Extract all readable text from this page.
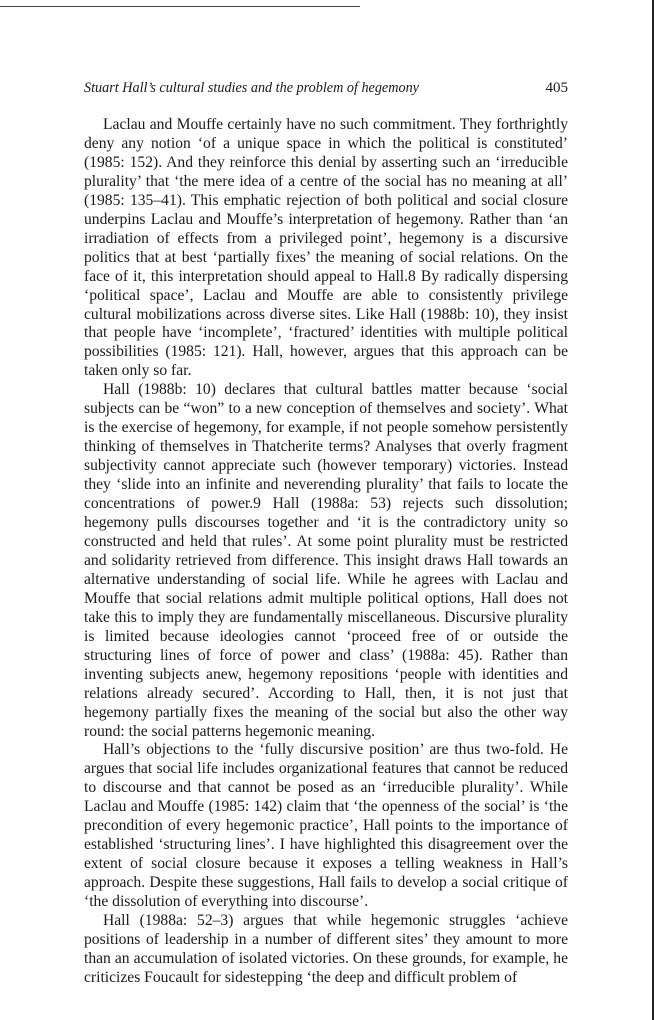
Stuart Hall’s cultural studies and the problem of hegemony	405

Laclau and Mouffe certainly have no such commitment. They forthrightly deny any notion ‘of a unique space in which the political is constituted’ (1985: 152). And they reinforce this denial by asserting such an ‘irreducible plurality’ that ‘the mere idea of a centre of the social has no meaning at all’ (1985: 135–41). This emphatic rejection of both political and social closure underpins Laclau and Mouffe’s interpretation of hegemony. Rather than ‘an irradiation of effects from a privileged point’, hegemony is a discursive politics that at best ‘partially fixes’ the meaning of social relations. On the face of it, this interpretation should appeal to Hall.8 By radically dispersing ‘political space’, Laclau and Mouffe are able to consistently privilege cultural mobilizations across diverse sites. Like Hall (1988b: 10), they insist that people have ‘incomplete’, ‘fractured’ identities with multiple political possibilities (1985: 121). Hall, however, argues that this approach can be taken only so far.

Hall (1988b: 10) declares that cultural battles matter because ‘social subjects can be “won” to a new conception of themselves and society’. What is the exercise of hegemony, for example, if not people somehow persistently thinking of themselves in Thatcherite terms? Analyses that overly fragment subjectivity cannot appreciate such (however temporary) victories. Instead they ‘slide into an infinite and neverending plurality’ that fails to locate the concentrations of power.9 Hall (1988a: 53) rejects such dissolution; hegemony pulls discourses together and ‘it is the contradictory unity so constructed and held that rules’. At some point plurality must be restricted and solidarity retrieved from difference. This insight draws Hall towards an alternative understanding of social life. While he agrees with Laclau and Mouffe that social relations admit multiple political options, Hall does not take this to imply they are fundamentally miscellaneous. Discursive plurality is limited because ideologies cannot ‘proceed free of or outside the structuring lines of force of power and class’ (1988a: 45). Rather than inventing subjects anew, hegemony repositions ‘people with identities and relations already secured’. According to Hall, then, it is not just that hegemony partially fixes the meaning of the social but also the other way round: the social patterns hegemonic meaning.

Hall’s objections to the ‘fully discursive position’ are thus two-fold. He argues that social life includes organizational features that cannot be reduced to discourse and that cannot be posed as an ‘irreducible plurality’. While Laclau and Mouffe (1985: 142) claim that ‘the openness of the social’ is ‘the precondition of every hegemonic practice’, Hall points to the importance of established ‘structuring lines’. I have highlighted this disagreement over the extent of social closure because it exposes a telling weakness in Hall’s approach. Despite these suggestions, Hall fails to develop a social critique of ‘the dissolution of everything into discourse’.

Hall (1988a: 52–3) argues that while hegemonic struggles ‘achieve positions of leadership in a number of different sites’ they amount to more than an accumulation of isolated victories. On these grounds, for example, he criticizes Foucault for sidestepping ‘the deep and difficult problem of
